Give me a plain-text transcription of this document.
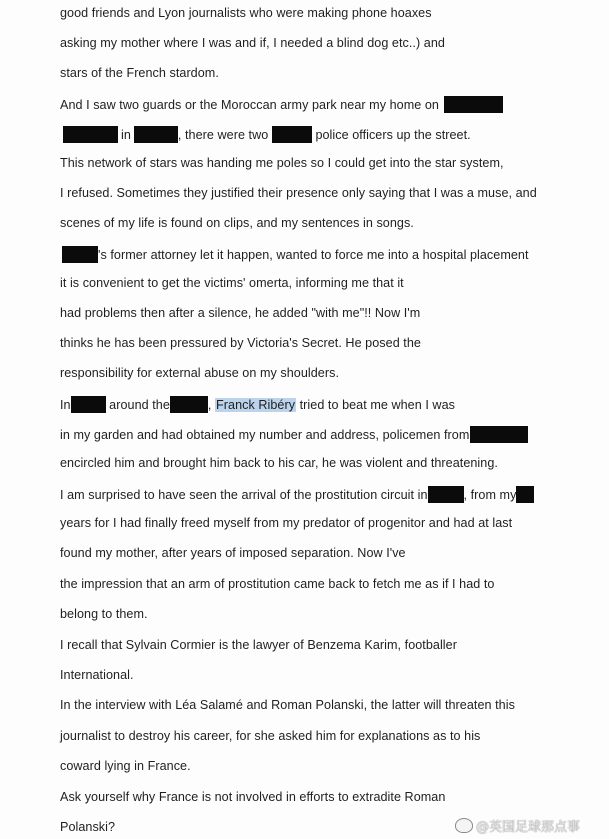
good friends and Lyon journalists who were making phone hoaxes
asking my mother where I was and if, I needed a blind dog etc..) and
stars of the French stardom.
And I saw two guards or the Moroccan army park near my home on
in	, there were two	police officers up the street.
This network of stars was handing me poles so I could get into the star system,
I refused. Sometimes they justified their presence only saying that I was a muse, and
scenes of my life is found on clips, and my sentences in songs.
's former attorney let it happen, wanted to force me into a hospital placement
it is convenient to get the victims' omerta, informing me that it
had problems then after a silence, he added "with me"!! Now I'm
thinks he has been pressured by Victoria's Secret. He posed the
responsibility for external abuse on my shoulders.
In	around the	, Franck Ribéry tried to beat me when I was
in my garden and had obtained my number and address, policemen from
encircled him and brought him back to his car, he was violent and threatening.
I am surprised to have seen the arrival of the prostitution circuit in	, from my
years for I had finally freed myself from my predator of progenitor and had at last
found my mother, after years of imposed separation. Now I've
the impression that an arm of prostitution came back to fetch me as if I had to
belong to them.
I recall that Sylvain Cormier is the lawyer of Benzema Karim, footballer
International.
In the interview with Léa Salamé and Roman Polanski, the latter will threaten this
journalist to destroy his career, for she asked him for explanations as to his
coward lying in France.
Ask yourself why France is not involved in efforts to extradite Roman
Polanski?	@英国足球那点事
